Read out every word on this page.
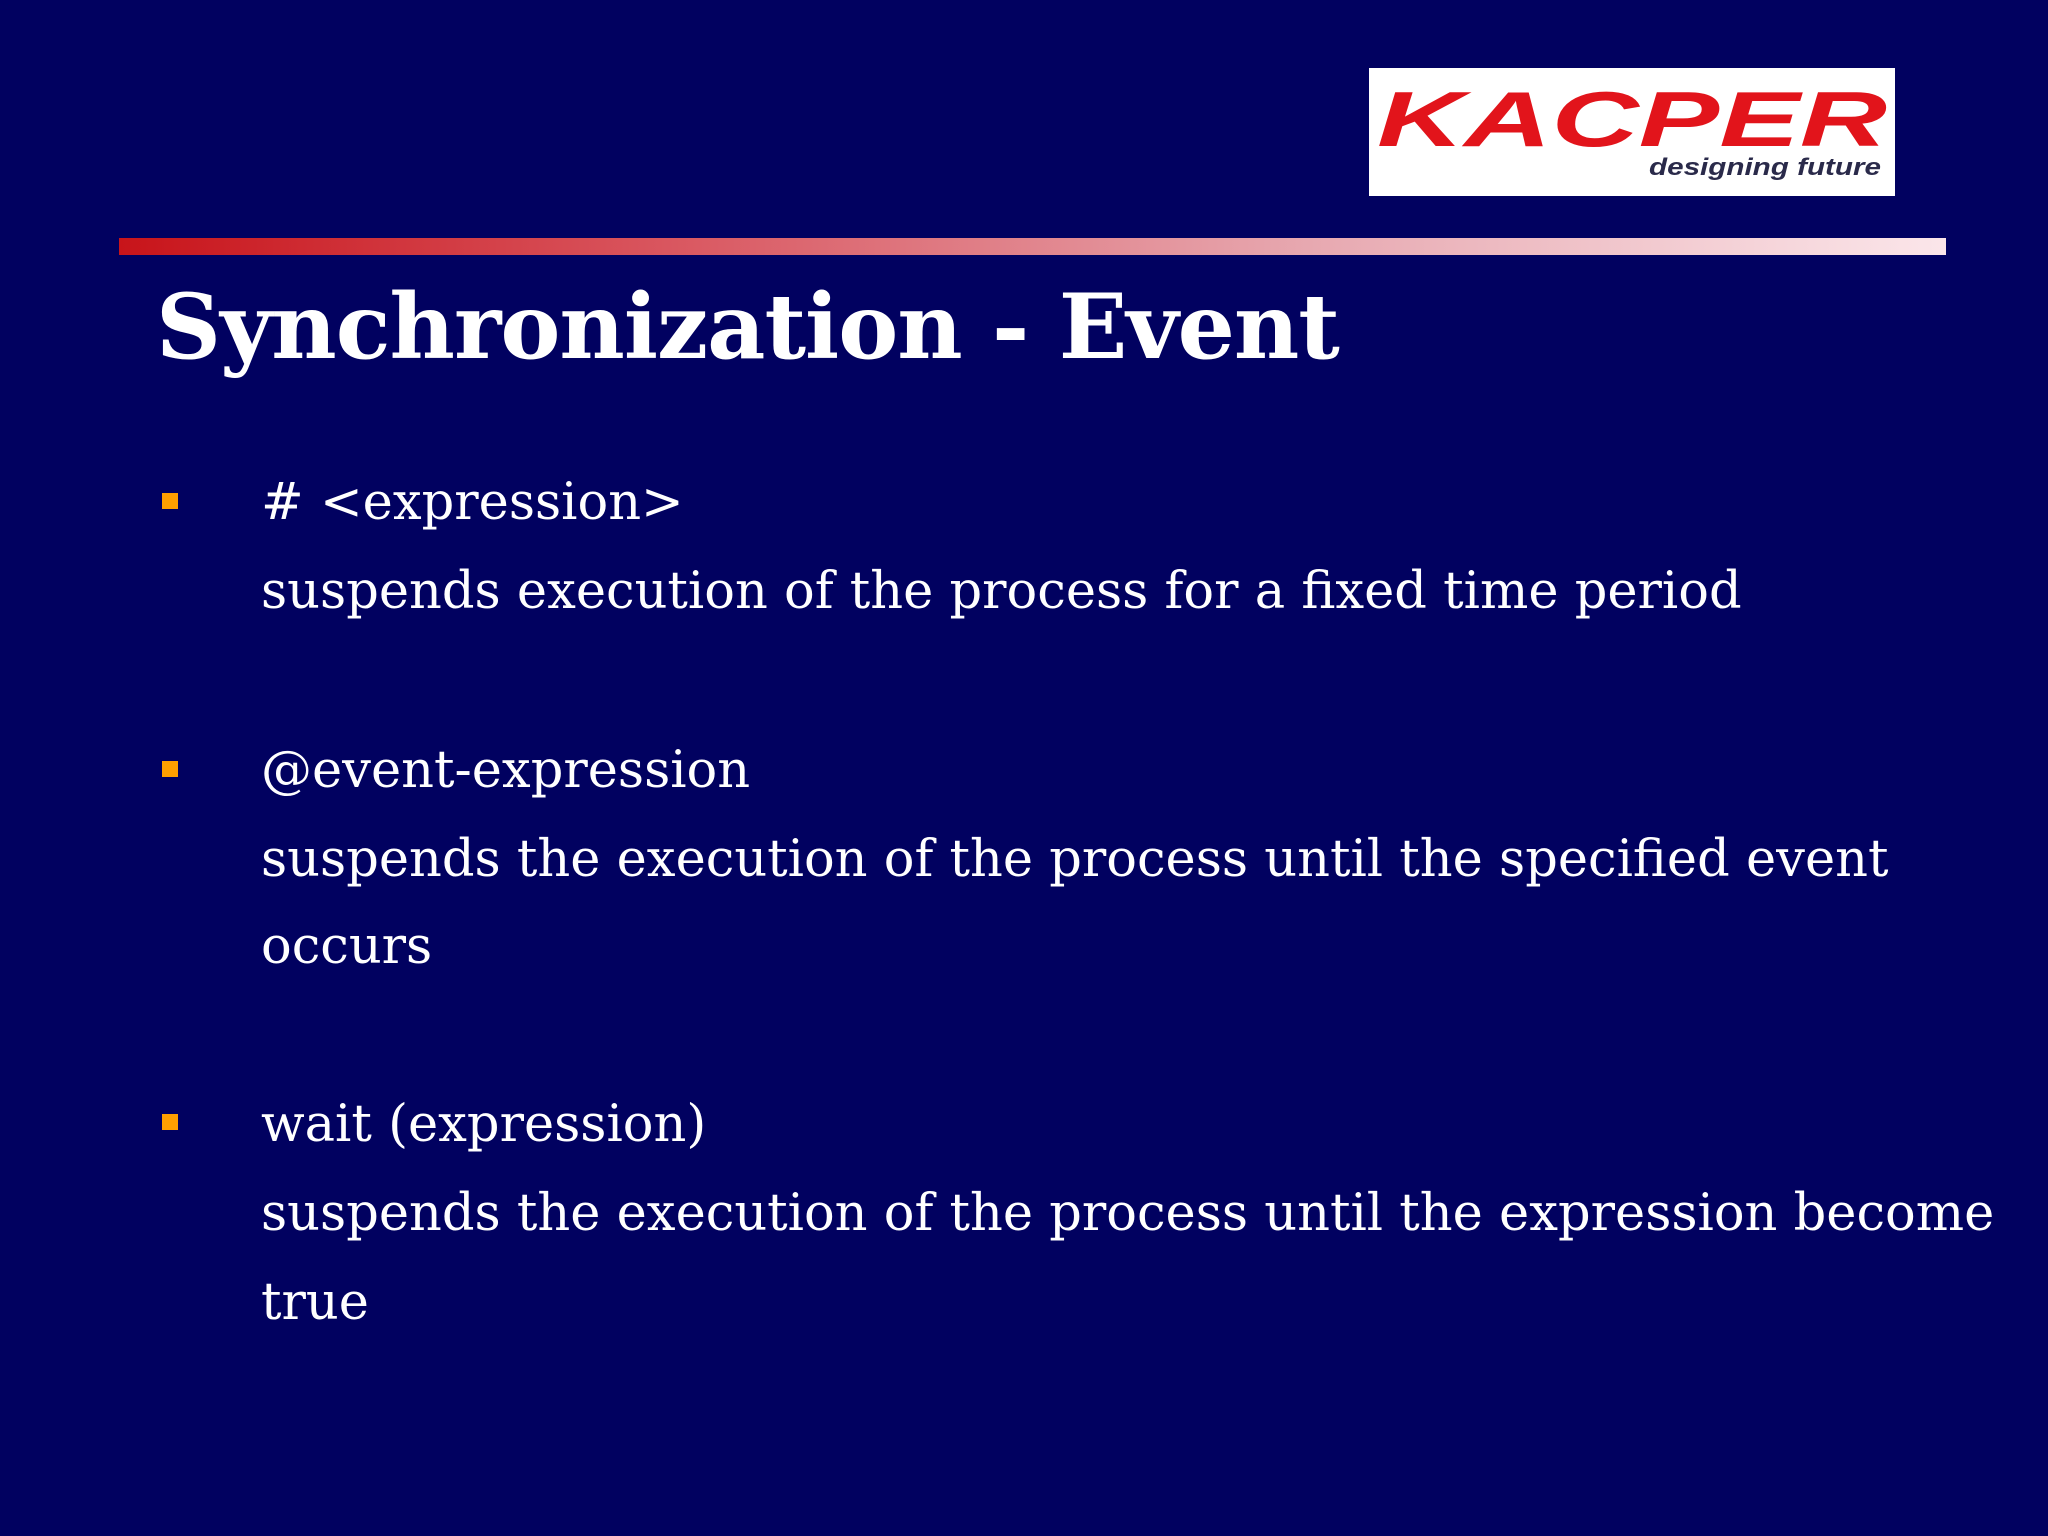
KACPER
designing future
Synchronization - Event
# <expression>
suspends execution of the process for a fixed time period
@event-expression
suspends the execution of the process until the specified event
occurs
wait (expression)
suspends the execution of the process until the expression become
true
